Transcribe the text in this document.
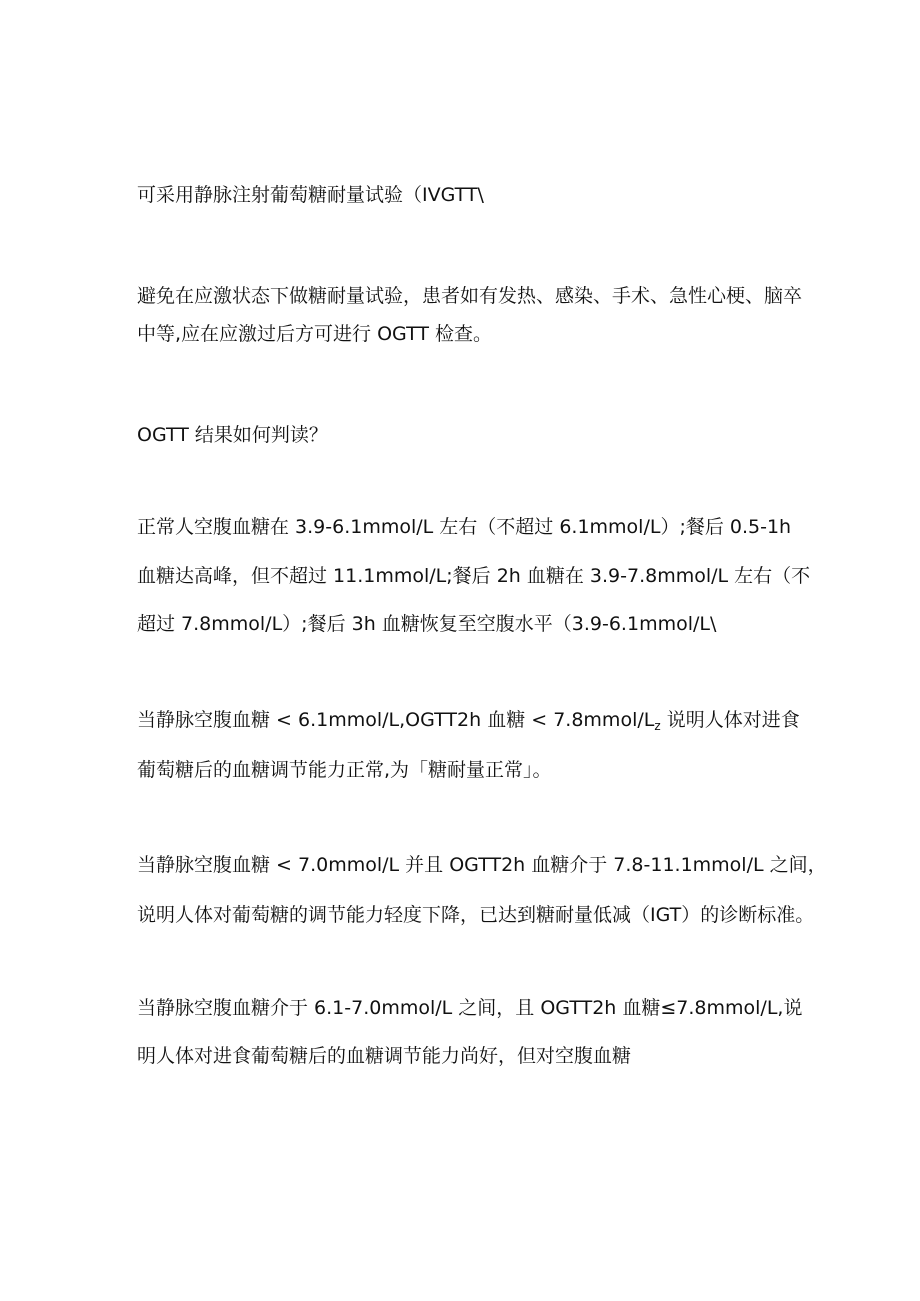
可采用静脉注射葡萄糖耐量试验（IVGTT\
避免在应激状态下做糖耐量试验，患者如有发热、感染、手术、急性心梗、脑卒
中等,应在应激过后方可进行 OGTT 检查。
OGTT 结果如何判读？
正常人空腹血糖在 3.9-6.1mmol/L 左右（不超过 6.1mmol/L）;餐后 0.5-1h
血糖达高峰，但不超过 11.1mmol/L;餐后 2h 血糖在 3.9-7.8mmol/L 左右（不
超过 7.8mmol/L）;餐后 3h 血糖恢复至空腹水平（3.9-6.1mmol/L\
当静脉空腹血糖 < 6.1mmol/L,OGTT2h 血糖 < $7.8mmol/L_z$ 说明人体对进食
葡萄糖后的血糖调节能力正常,为「糖耐量正常」。
当静脉空腹血糖 < 7.0mmol/L 并且 OGTT2h 血糖介于 7.8-11.1mmol/L 之间，
说明人体对葡萄糖的调节能力轻度下降，已达到糖耐量低减（IGT）的诊断标准。
当静脉空腹血糖介于 6.1-7.0mmol/L 之间，且 OGTT2h 血糖≤7.8mmol/L,说
明人体对进食葡萄糖后的血糖调节能力尚好，但对空腹血糖
